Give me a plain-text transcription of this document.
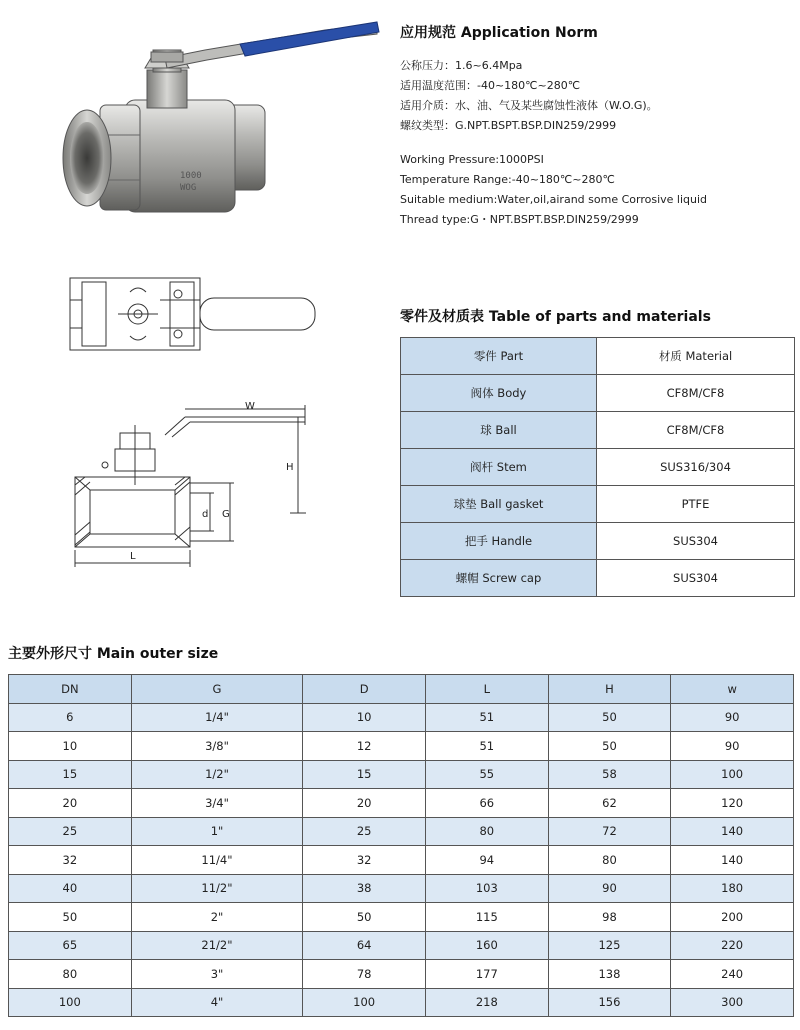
1000
WOG
应用规范 Application Norm
公称压力：1.6~6.4Mpa
适用温度范围：-40~180℃~280℃
适用介质：水、油、气及某些腐蚀性液体（W.O.G)。
螺纹类型：G.NPT.BSPT.BSP.DIN259/2999
Working Pressure:1000PSI
Temperature Range:-40~180℃~280℃
Suitable medium:Water,oil,airand some Corrosive liquid
Thread type:G・NPT.BSPT.BSP.DIN259/2999
W
H
d G
L
零件及材质表 Table of parts and materials
零件 Part	材质 Material
阀体 Body	CF8M/CF8
球 Ball	CF8M/CF8
阀杆 Stem	SUS316/304
球垫 Ball gasket	PTFE
把手 Handle	SUS304
螺帽 Screw cap	SUS304
主要外形尺寸 Main outer size
DN	G	D	L	H	w
6	1/4"	10	51	50	90
10	3/8"	12	51	50	90
15	1/2"	15	55	58	100
20	3/4"	20	66	62	120
25	1"	25	80	72	140
32	11/4"	32	94	80	140
40	11/2"	38	103	90	180
50	2"	50	115	98	200
65	21/2"	64	160	125	220
80	3"	78	177	138	240
100	4"	100	218	156	300
